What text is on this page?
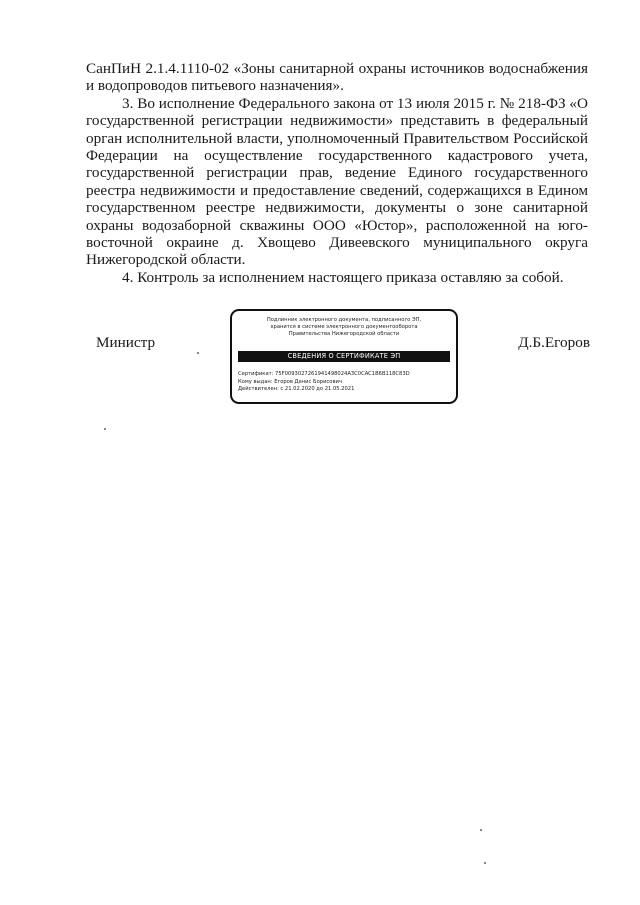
СанПиН 2.1.4.1110-02 «Зоны санитарной охраны источников водоснабжения и водопроводов питьевого назначения».

3. Во исполнение Федерального закона от 13 июля 2015 г. № 218-ФЗ «О государственной регистрации недвижимости» представить в федеральный орган исполнительной власти, уполномоченный Правительством Российской Федерации на осуществление государственного кадастрового учета, государственной регистрации прав, ведение Единого государственного реестра недвижимости и предоставление сведений, содержащихся в Едином государственном реестре недвижимости, документы о зоне санитарной охраны водозаборной скважины ООО «Юстор», расположенной на юго-восточной окраине д. Хвощево Дивеевского муниципального округа Нижегородской области.

4. Контроль за исполнением настоящего приказа оставляю за собой.

Министр
Подлинник электронного документа, подписанного ЭП,
хранится в системе электронного документооборота
Правительства Нижегородской области
СВЕДЕНИЯ О СЕРТИФИКАТЕ ЭП
Сертификат: 75F0093027261941498024A3C0CAC1B6B118C83D
Кому выдан: Егоров Денис Борисович
Действителен: с 21.02.2020 до 21.05.2021
Д.Б.Егоров
